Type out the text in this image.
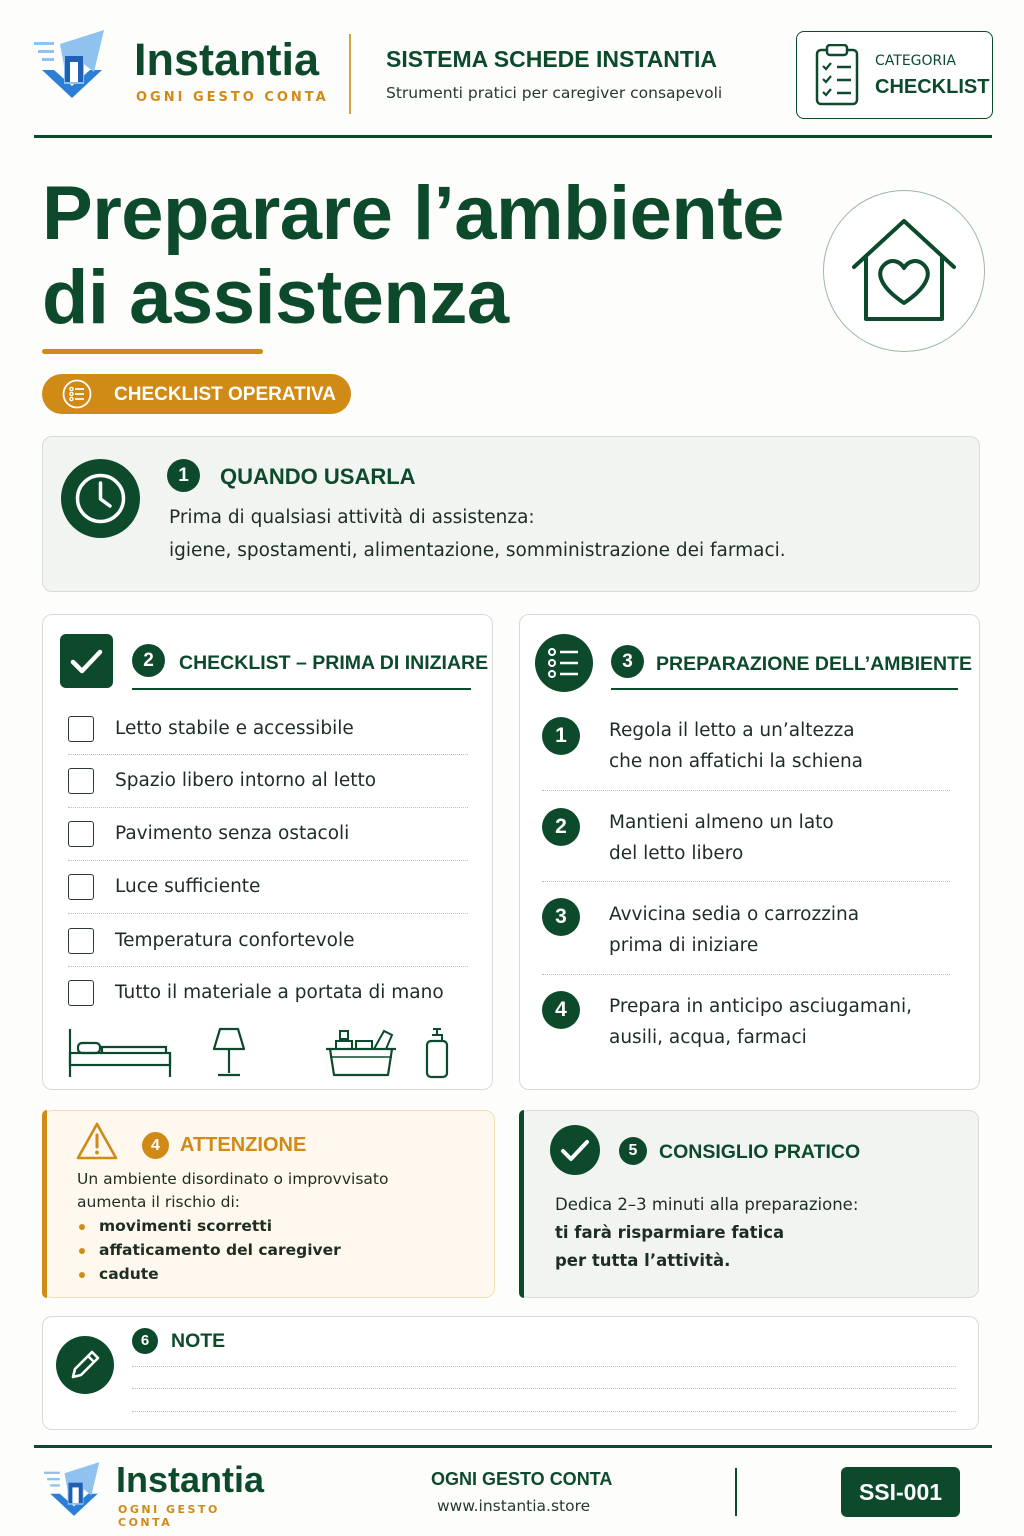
Instantia
OGNI GESTO CONTA
SISTEMA SCHEDE INSTANTIA
Strumenti pratici per caregiver consapevoli
CATEGORIA
CHECKLIST
Preparare l’ambiente
di assistenza
CHECKLIST OPERATIVA
1	QUANDO USARLA
Prima di qualsiasi attività di assistenza:
igiene, spostamenti, alimentazione, somministrazione dei farmaci.
2	CHECKLIST – PRIMA DI INIZIARE
Letto stabile e accessibile
Spazio libero intorno al letto
Pavimento senza ostacoli
Luce sufficiente
Temperatura confortevole
Tutto il materiale a portata di mano
3	PREPARAZIONE DELL’AMBIENTE
1	Regola il letto a un’altezza
che non affatichi la schiena
2	Mantieni almeno un lato
del letto libero
3	Avvicina sedia o carrozzina
prima di iniziare
4	Prepara in anticipo asciugamani,
ausili, acqua, farmaci
4	ATTENZIONE
Un ambiente disordinato o improvvisato
aumenta il rischio di:
movimenti scorretti
affaticamento del caregiver
cadute
5	CONSIGLIO PRATICO
Dedica 2–3 minuti alla preparazione:
ti farà risparmiare fatica
per tutta l’attività.
6	NOTE
Instantia
OGNI GESTO CONTA
OGNI GESTO CONTA
www.instantia.store
SSI-001
